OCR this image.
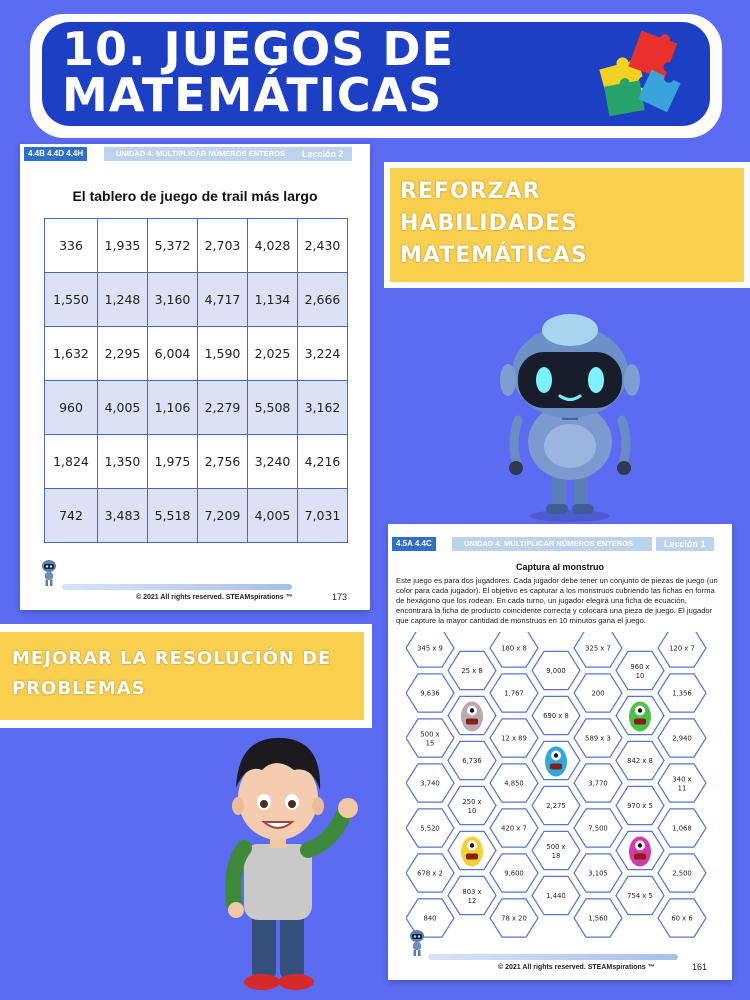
10. JUEGOS DE
MATEMÁTICAS
4.4B 4.4D 4.4H	UNIDAD 4: MULTIPLICAR NÚMEROS ENTEROS	Lección 2
El tablero de juego de trail más largo
336	1,935	5,372	2,703	4,028	2,430
1,550	1,248	3,160	4,717	1,134	2,666
1,632	2,295	6,004	1,590	2,025	3,224
960	4,005	1,106	2,279	5,508	3,162
1,824	1,350	1,975	2,756	3,240	4,216
742	3,483	5,518	7,209	4,005	7,031
© 2021 All rights reserved. STEAMspirations ™	173
REFORZAR
HABILIDADES
MATEMÁTICAS
MEJORAR LA RESOLUCIÓN DE
PROBLEMAS
4.5A 4.4C	UNIDAD 4: MULTIPLICAR NÚMEROS ENTEROS	Lección 1
Captura al monstruo
Este juego es para dos jugadores. Cada jugador debe tener un conjunto de piezas de juego (un color para cada jugador). El objetivo es capturar a los monstruos cubriendo las fichas en forma de hexágono que los rodean. En cada turno, un jugador elegirá una ficha de ecuación, encontrará la ficha de producto coincidente correcta y colocará una pieza de juego. El jugador que capture la mayor cantidad de monstruos en 10 minutos gana el juego.
345 x 9	180 x 8	325 x 7	120 x 7
25 x 8	9,000	960 x
10
9,636	1,767	200	1,356
690 x 8
500 x
15
12 x 89	589 x 3	2,940
6,736	842 x 8
3,740	4,850	3,770	340 x
11
250 x
10
2,275	970 x 5
5,520	420 x 7	7,500	1,068
500 x
18
678 x 2	9,600	3,105	2,500
803 x
12
1,440	754 x 5
840	78 x 20	1,560	60 x 6
© 2021 All rights reserved. STEAMspirations ™	161
